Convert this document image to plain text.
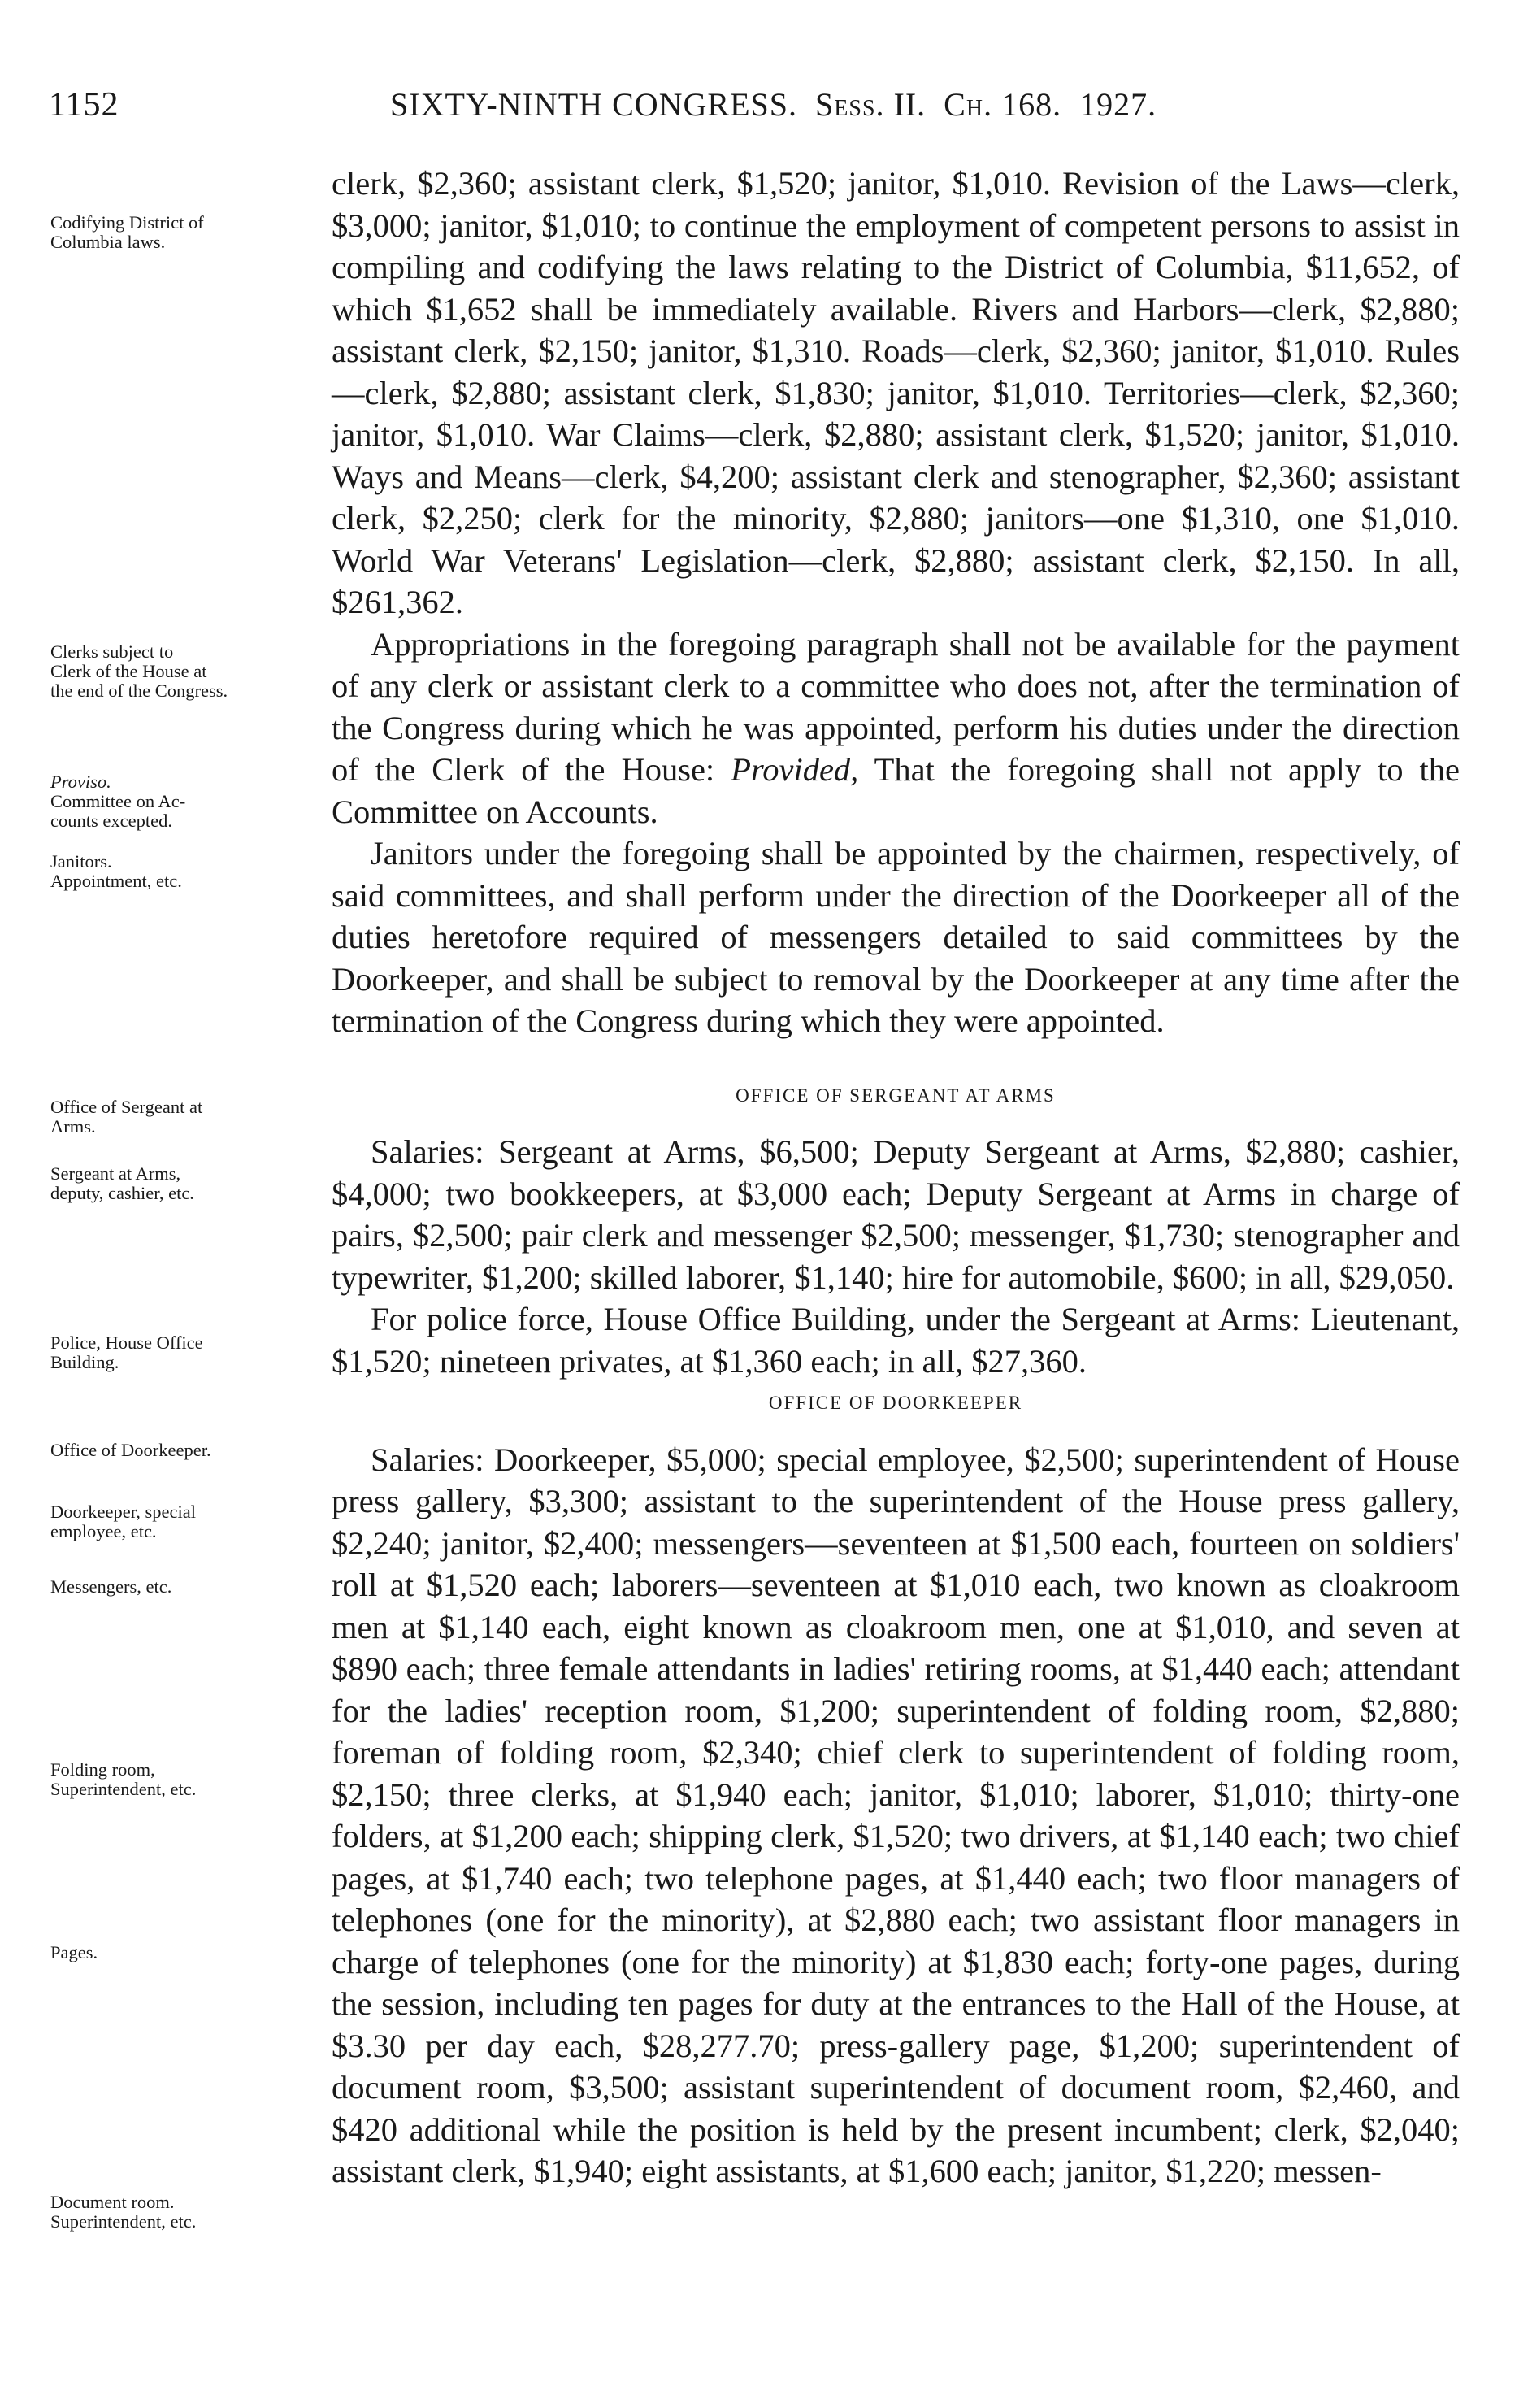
1152	SIXTY-NINTH CONGRESS. Sess. II. Ch. 168. 1927.
Codifying District of
Columbia laws.
Clerks subject to
Clerk of the House at
the end of the Congress.
Proviso.
Committee on Ac-
counts excepted.
Janitors.
Appointment, etc.
Office of Sergeant at
Arms.
Sergeant at Arms,
deputy, cashier, etc.
Police, House Office
Building.
Office of Doorkeeper.
Doorkeeper, special
employee, etc.
Messengers, etc.
Folding room,
Superintendent, etc.
Pages.
Document room.
Superintendent, etc.

clerk, $2,360; assistant clerk, $1,520; janitor, $1,010. Revision of the Laws—clerk, $3,000; janitor, $1,010; to continue the employment of competent persons to assist in compiling and codifying the laws relating to the District of Columbia, $11,652, of which $1,652 shall be immediately available. Rivers and Harbors—clerk, $2,880; assistant clerk, $2,150; janitor, $1,310. Roads—clerk, $2,360; janitor, $1,010. Rules—clerk, $2,880; assistant clerk, $1,830; janitor, $1,010. Territories—clerk, $2,360; janitor, $1,010. War Claims—clerk, $2,880; assistant clerk, $1,520; janitor, $1,010. Ways and Means—clerk, $4,200; assistant clerk and stenographer, $2,360; assistant clerk, $2,250; clerk for the minority, $2,880; janitors—one $1,310, one $1,010. World War Veterans' Legislation—clerk, $2,880; assistant clerk, $2,150. In all, $261,362.

Appropriations in the foregoing paragraph shall not be available for the payment of any clerk or assistant clerk to a committee who does not, after the termination of the Congress during which he was appointed, perform his duties under the direction of the Clerk of the House: Provided, That the foregoing shall not apply to the Committee on Accounts.

Janitors under the foregoing shall be appointed by the chairmen, respectively, of said committees, and shall perform under the direction of the Doorkeeper all of the duties heretofore required of messengers detailed to said committees by the Doorkeeper, and shall be subject to removal by the Doorkeeper at any time after the termination of the Congress during which they were appointed.

OFFICE OF SERGEANT AT ARMS

Salaries: Sergeant at Arms, $6,500; Deputy Sergeant at Arms, $2,880; cashier, $4,000; two bookkeepers, at $3,000 each; Deputy Sergeant at Arms in charge of pairs, $2,500; pair clerk and messenger $2,500; messenger, $1,730; stenographer and typewriter, $1,200; skilled laborer, $1,140; hire for automobile, $600; in all, $29,050.

For police force, House Office Building, under the Sergeant at Arms: Lieutenant, $1,520; nineteen privates, at $1,360 each; in all, $27,360.

OFFICE OF DOORKEEPER

Salaries: Doorkeeper, $5,000; special employee, $2,500; superintendent of House press gallery, $3,300; assistant to the superintendent of the House press gallery, $2,240; janitor, $2,400; messengers—seventeen at $1,500 each, fourteen on soldiers' roll at $1,520 each; laborers—seventeen at $1,010 each, two known as cloakroom men at $1,140 each, eight known as cloakroom men, one at $1,010, and seven at $890 each; three female attendants in ladies' retiring rooms, at $1,440 each; attendant for the ladies' reception room, $1,200; superintendent of folding room, $2,880; foreman of folding room, $2,340; chief clerk to superintendent of folding room, $2,150; three clerks, at $1,940 each; janitor, $1,010; laborer, $1,010; thirty-one folders, at $1,200 each; shipping clerk, $1,520; two drivers, at $1,140 each; two chief pages, at $1,740 each; two telephone pages, at $1,440 each; two floor managers of telephones (one for the minority), at $2,880 each; two assistant floor managers in charge of telephones (one for the minority) at $1,830 each; forty-one pages, during the session, including ten pages for duty at the entrances to the Hall of the House, at $3.30 per day each, $28,277.70; press-gallery page, $1,200; superintendent of document room, $3,500; assistant superintendent of document room, $2,460, and $420 additional while the position is held by the present incumbent; clerk, $2,040; assistant clerk, $1,940; eight assistants, at $1,600 each; janitor, $1,220; messen-
